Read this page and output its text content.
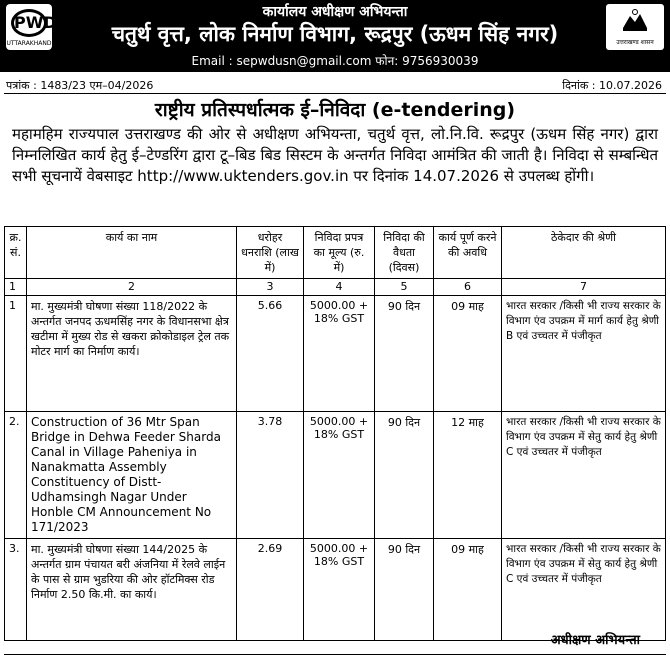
PWD
UTTARAKHAND
कार्यालय अधीक्षण अभियन्ता
चतुर्थ वृत्त, लोक निर्माण विभाग, रूद्रपुर (ऊधम सिंह नगर)
Email : sepwdusn@gmail.com फोन: 9756930039
उत्तराखण्ड शासन
पत्रांक : 1483/23 एम–04/2026	दिनांक : 10.07.2026
राष्ट्रीय प्रतिस्पर्धात्मक ई–निविदा (e-tendering)
महामहिम राज्यपाल उत्तराखण्ड की ओर से अधीक्षण अभियन्ता, चतुर्थ वृत्त, लो.नि.वि. रूद्रपुर (ऊधम सिंह नगर) द्वारा निम्नलिखित कार्य हेतु ई–टेण्डरिंग द्वारा टू–बिड बिड सिस्टम के अन्तर्गत निविदा आमंत्रित की जाती है। निविदा से सम्बन्धित सभी सूचनायें वेबसाइट http://www.uktenders.gov.in पर दिनांक 14.07.2026 से उपलब्ध होंगी।
क्र. सं.	कार्य का नाम	धरोहर धनराशि (लाख में)	निविदा प्रपत्र का मूल्य (रु. में)	निविदा की वैधता (दिवस)	कार्य पूर्ण करने की अवधि	ठेकेदार की श्रेणी
1	2	3	4	5	6	7
1	मा. मुख्यमंत्री घोषणा संख्या 118/2022 के अन्तर्गत जनपद ऊधमसिंह नगर के विधानसभा क्षेत्र खटीमा में मुख्य रोड से खकरा क्रोकोडाइल ट्रेल तक मोटर मार्ग का निर्माण कार्य।	5.66	5000.00 + 18% GST	90 दिन	09 माह	भारत सरकार /किसी भी राज्य सरकार के विभाग एंव उपक्रम में मार्ग कार्य हेतु श्रेणी B एवं उच्चतर में पंजीकृत
2.	Construction of 36 Mtr Span Bridge in Dehwa Feeder Sharda Canal in Village Paheniya in Nanakmatta Assembly Constituency of Distt-Udhamsingh Nagar Under Honble CM Announcement No 171/2023	3.78	5000.00 + 18% GST	90 दिन	12 माह	भारत सरकार /किसी भी राज्य सरकार के विभाग एंव उपक्रम में सेतु कार्य हेतु श्रेणी C एवं उच्चतर में पंजीकृत
3.	मा. मुख्यमंत्री घोषणा संख्या 144/2025 के अन्तर्गत ग्राम पंचायत बरी अंजनिया में रेलवे लाईन के पास से ग्राम भुडरिया की ओर हॉटमिक्स रोड निर्माण 2.50 कि.मी. का कार्य।	2.69	5000.00 + 18% GST	90 दिन	09 माह	भारत सरकार /किसी भी राज्य सरकार के विभाग एंव उपक्रम में सेतु कार्य हेतु श्रेणी C एवं उच्चतर में पंजीकृत
अधीक्षण अभियन्ता
